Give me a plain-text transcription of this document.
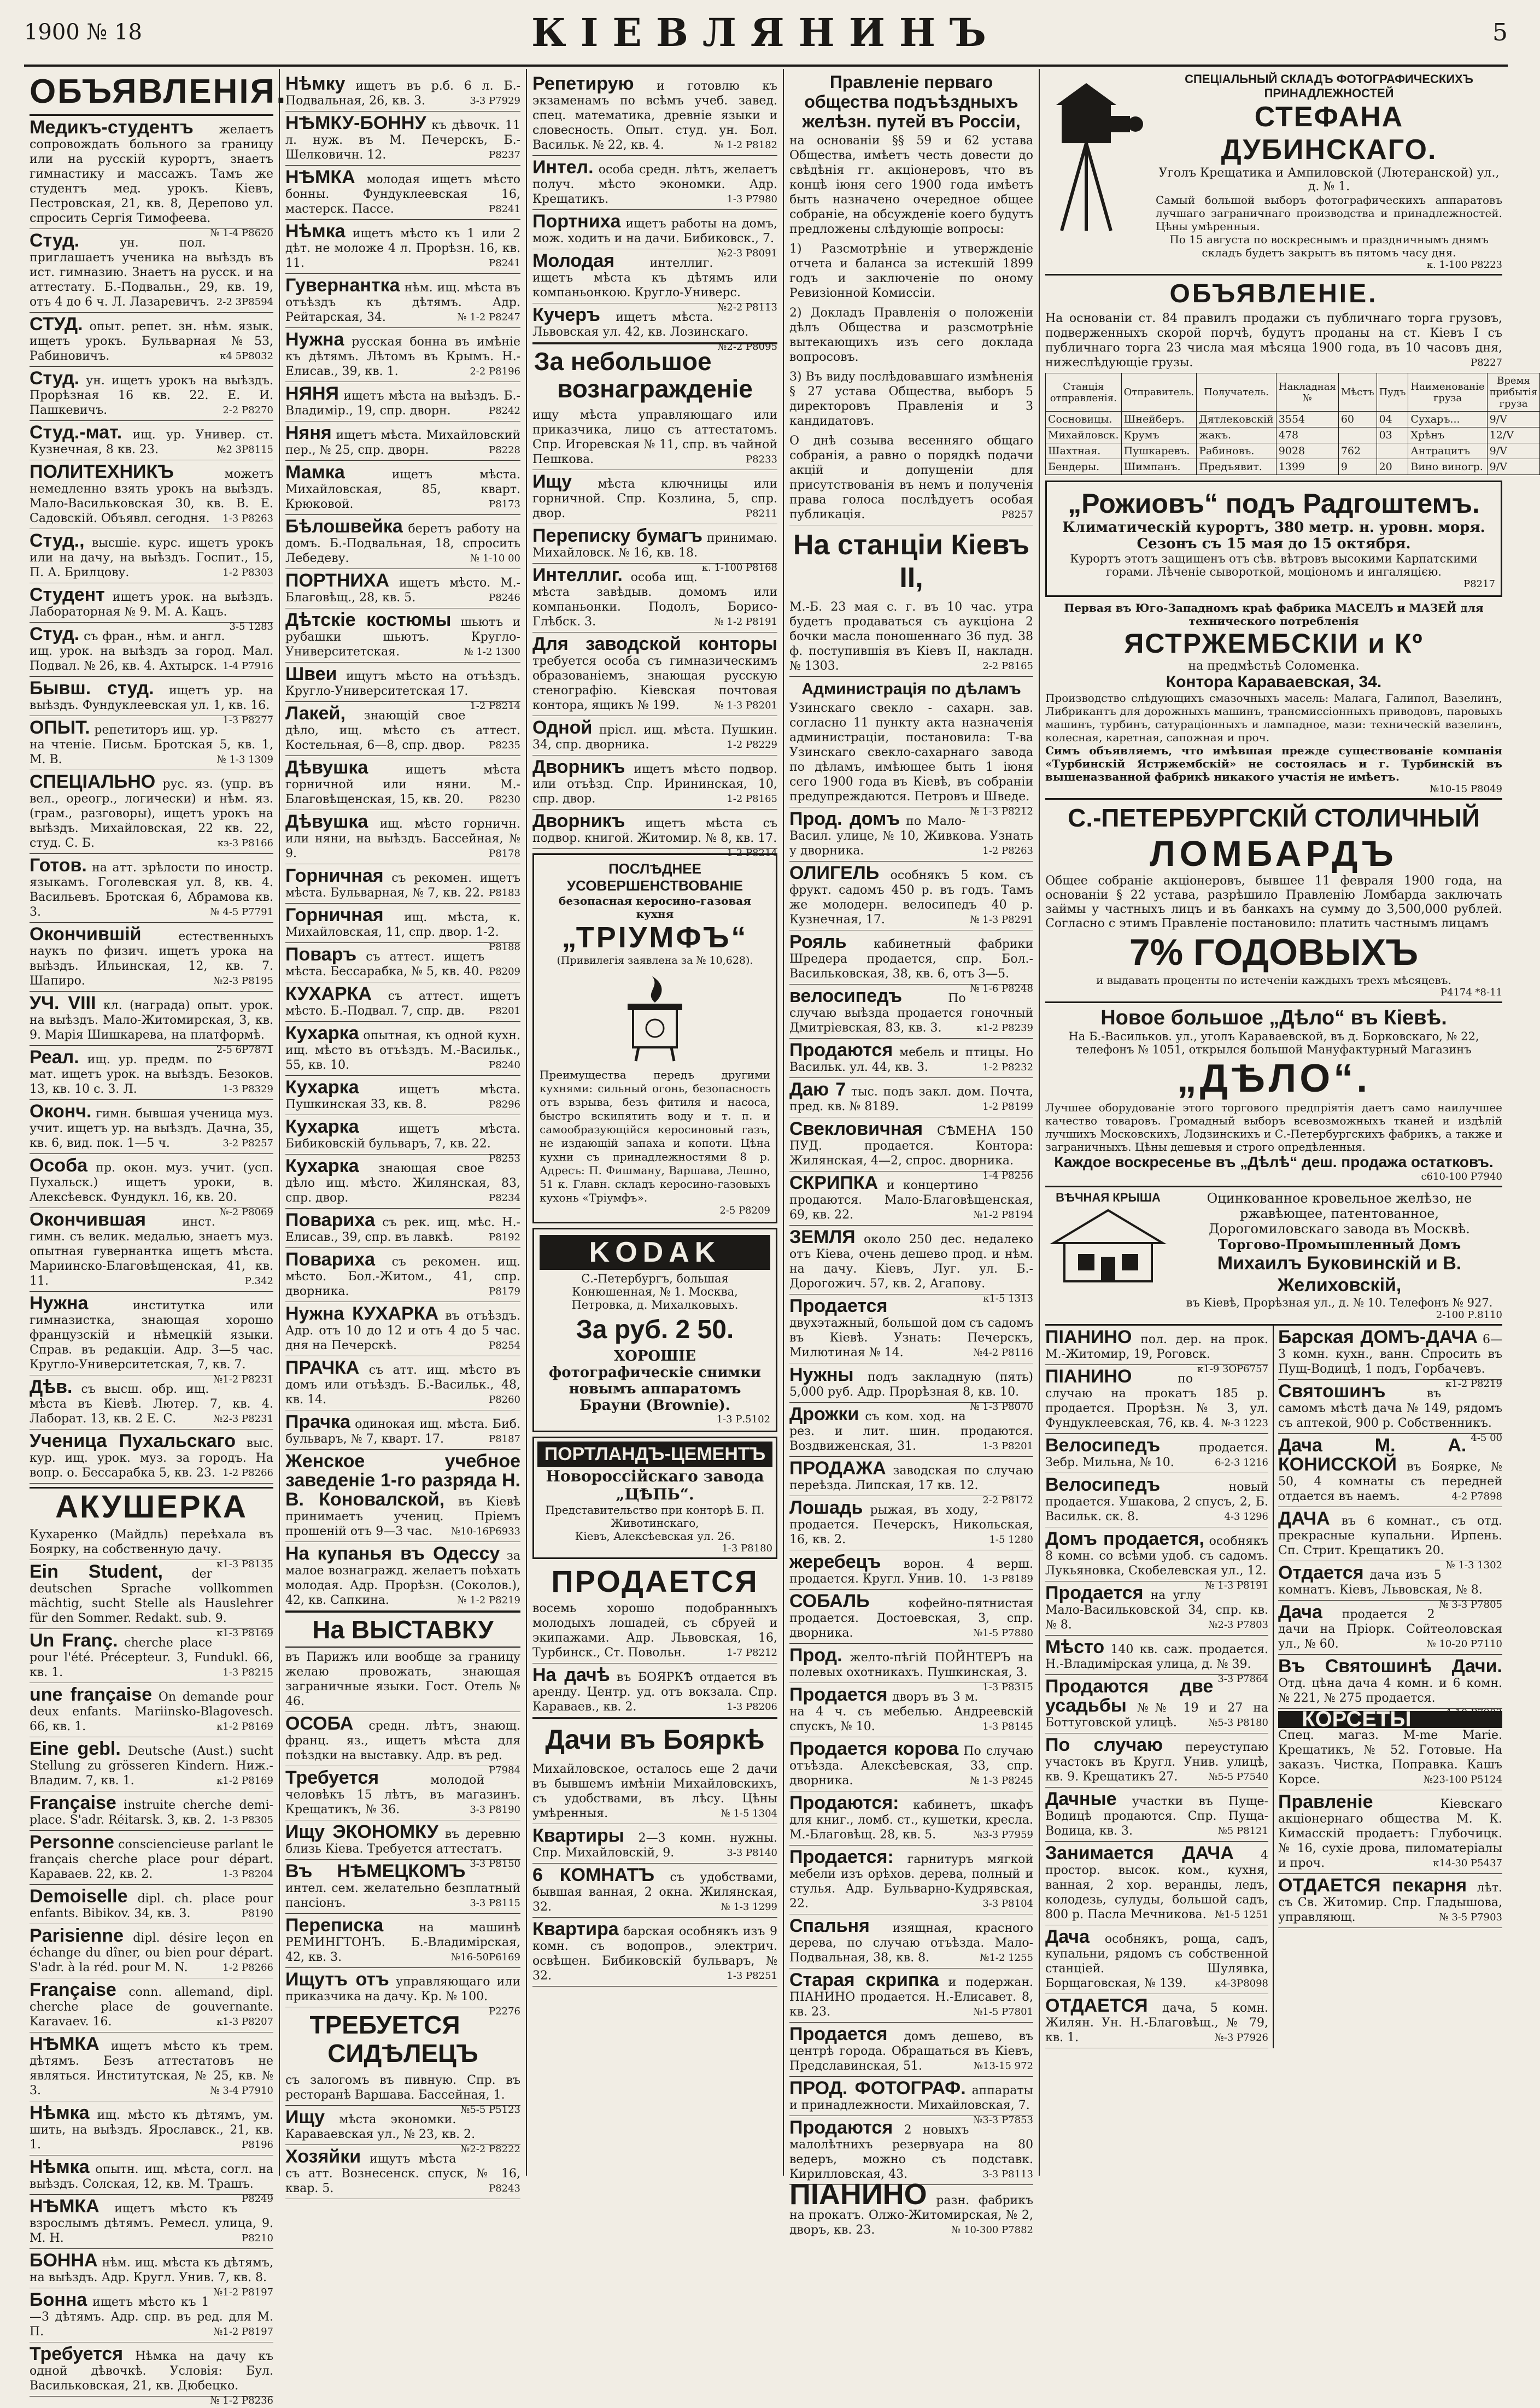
1900 № 18	КІЕВЛЯНИНЪ	5
ОБЪЯВЛЕНІЯ.
Медикъ-студентъ желаетъ сопровождать больного за границу или на русскій курортъ, знаетъ гимнастику и массажъ. Тамъ же студентъ мед. урокъ. Кіевъ, Пестровская, 21, кв. 8, Дерепово ул. спросить Сергія Тимофеева.
№ 1-4 Р8620
Студ.	ун. пол. приглашаетъ ученика на выѣздъ въ ист. гимназию. Знаетъ на русск. и на аттестату. Б.-Подвальн., 29, кв. 19, отъ 4 до 6 ч. Л. Лазаревичъ. 2-2 3Р8594
СТУД. опыт. репет. зн. нѣм. язык. ищетъ урокъ. Бульварная №53, Рабиновичъ.	к4 5Р8032
Студ. ун. ищетъ урокъ на выѣздъ. Прорѣзная 16 кв. 22. Е. И. Пашкевичъ.	2-2 Р8270
Студ.-мат. ищ. ур. Универ. ст. Кузнечная, 8 кв. 23.	№2 3Р8115
ПОЛИТЕХНИКЪ	можетъ немедленно взять урокъ на выѣздъ. Мало-Васильковская 30, кв. В. Е. Садовскій. Объявл. сегодня. 1-3 Р8263
Студ., высшіе. курс. ищетъ урокъ или на дачу, на выѣздъ. Госпит., 15, П. А. Брилцову.	1-2 Р8303
Студент ищетъ урок. на выѣздъ. Лабораторная № 9. М. А. Кацъ.
3-5 1283
Студ. съ фран., нѣм. и англ. ищ. урок. на выѣздъ за город. Мал. Подвал. № 26, кв. 4. Ахтырск. 1-4 Р7916
Бывш. студ. ищетъ ур. на выѣздъ. Фундуклеевская ул. 1, кв. 16.
1-3 Р8277
ОПЫТ. репетиторъ ищ. ур. на чтеніе. Письм. Бротская 5, кв. 1, М. В.	№ 1-3 1309
СПЕЦІАЛЬНО рус. яз. (упр. въ вел., ореогр., логически) и нѣм. яз. (грам., разговоры), ищетъ урокъ на выѣздъ. Михайловская, 22 кв. 22, студ. С. Б.	кз-3 Р8166
Готов. на атт. зрѣлости по иностр. языкамъ. Гоголевская ул. 8, кв. 4. Васильевъ. Бротская 6, Абрамова кв. 3.	№ 4-5 Р7791
Окончившій	естественныхъ наукъ по физич. ищетъ урока на выѣздъ. Ильинская, 12, кв. 7. Шапиро.	№2-3 Р8195
УЧ. VIII кл. (награда) опыт. урок. на выѣздъ. Мало-Житомирская, 3, кв. 9. Марія Шишкарева, на платформѣ.
2-5 6Р7871
Реал. ищ. ур. предм. по мат. ищетъ урок. на выѣздъ. Безоков. 13, кв. 10 с. 3. Л.	1-3 Р8329
Оконч. гимн. бывшая ученица муз. учит. ищетъ ур. на выѣздъ. Дачна, 35, кв. 6, вид. пок. 1—5 ч.	3-2 Р8257
Особа пр. окон. муз. учит. (усп. Пухальск.) ищетъ уроки, в. Алексѣевск. Фундукл. 16, кв. 20.
№-2 Р8069
Окончившая	инст. гимн. съ велик. медалью, знаетъ муз. опытная гувернантка ищетъ мѣста. Мариинско-Благовѣщенская, 41, кв. 11.	Р.342
Нужна	институтка или гимназистка, знающая хорошо французскій и нѣмецкій языки. Справ. въ редакціи. Адр. 3—5 час. Кругло-Университетская, 7, кв. 7.
№1-2 Р8231
Дѣв. съ высш. обр. ищ. мѣста въ Кіевѣ. Лютер. 7, кв. 4. Лаборат. 13, кв. 2 Е. С.	№2-3 Р8231
Ученица Пухальскаго выс. кур. ищ. урок. муз. за городъ. На вопр. о. Бессарабка 5, кв. 23. 1-2 Р8266
АКУШЕРКА
Кухаренко (Майдль) переѣхала въ Боярку, на собственную дачу.
к1-3 Р8135
Ein Student, der deutschen Sprache vollkommen mächtig, sucht Stelle als Hauslehrer für den Sommer. Redakt. sub. 9.
к1-3 Р8169
Un Franç. cherche place pour l'été. Précepteur. 3, Fundukl. 66, кв. 1.	1-3 Р8215
une française On demande pour deux enfants. Mariinsko-Blagovesch. 66, кв. 1.	к1-2 Р8169
Eine gebl. Deutsche (Aust.) sucht Stellung zu grösseren Kindern. Ниж.-Владим. 7, кв. 1.	к1-2 Р8169
Française instruite cherche demi-place. S'adr. Réitarsk. 3, кв. 2. 1-3 Р8305
Personne consciencieuse parlant le français cherche place pour départ. Караваев. 22, кв. 2.	1-3 Р8204
Demoiselle dipl. ch. place pour enfants. Bibikov. 34, кв. 3.	Р8190
Parisienne dipl. désire leçon en échange du dîner, ou bien pour départ. S'adr. à la réd. pour M. N.	1-2 Р8266
Française conn. allemand, dipl. cherche place de gouvernante. Karavaev. 16.	к1-3 Р8207
НѢМКА ищетъ мѣсто къ трем. дѣтямъ. Безъ аттестатовъ не являться. Институтская, № 25, кв. № 3.	№ 3-4 Р7910
Нѣмка ищ. мѣсто къ дѣтямъ, ум. шить, на выѣздъ. Ярославск., 21, кв. 1.	Р8196
Нѣмка опытн. ищ. мѣста, согл. на выѣздъ. Солская, 12, кв. М. Трашъ.
Р8249
НѢМКА ищетъ мѣсто къ взрослымъ дѣтямъ. Ремесл. улица, 9. М. Н.	Р8210
БОННА нѣм. ищ. мѣста къ дѣтямъ, на выѣздъ. Адр. Кругл. Унив. 7, кв. 8.
№1-2 Р8197
Бонна ищетъ мѣсто къ 1—3 дѣтямъ. Адр. спр. въ ред. для М. П.	№1-2 Р8197
Требуется Нѣмка на дачу къ одной дѣвочкѣ. Условія: Бул. Васильковская, 21, кв. Дюбецко.
№ 1-2 Р8236
Нѣмку ищетъ въ р.б. 6 л. Б.-Подвальная, 26, кв. 3.	3-3 Р7929
НѢМКУ-БОННУ къ дѣвочк. 11 л. нуж. въ М. Печерскъ, Б.-Шелковичн. 12.	Р8237
НѢМКА молодая ищетъ мѣсто бонны. Фундуклеевская 16, мастерск. Пассе.	Р8241
Нѣмка ищетъ мѣсто къ 1 или 2 дѣт. не моложе 4 л. Прорѣзн. 16, кв. 11.	Р8241
Гувернантка нѣм. ищ. мѣста въ отъѣздъ къ дѣтямъ. Адр. Рейтарская, 34.	№ 1-2 Р8247
Нужна русская бонна въ имѣніе къ дѣтямъ. Лѣтомъ въ Крымъ. Н.-Елисав., 39, кв. 1.	2-2 Р8196
НЯНЯ ищетъ мѣста на выѣздъ. Б.-Владимір., 19, спр. дворн.	Р8242
Няня ищетъ мѣста. Михайловский пер., № 25, спр. дворн.	Р8228
Мамка	ищетъ мѣста. Михайловская, 85, кварт. Крюковой.	Р8173
Бѣлошвейка беретъ работу на домъ. Б.-Подвальная, 18, спросить Лебедеву.	№ 1-10 00
ПОРТНИХА ищетъ мѣсто. М.-Благовѣщ., 28, кв. 5.	Р8246
Дѣтскіе костюмы шьютъ и рубашки шьютъ. Кругло-Университетская.	№ 1-2 1300
Швеи ищутъ мѣсто на отъѣздъ. Кругло-Университетская 17.
1-2 Р8214
Лакей, знающій свое дѣло, ищ. мѣсто съ аттест. Костельная, 6—8, спр. двор. Р8235
Дѣвушка	ищетъ мѣста горничной или няни. М.-Благовѣщенская, 15, кв. 20.	Р8230
Дѣвушка ищ. мѣсто горничн. или няни, на выѣздъ. Бассейная, № 9.	Р8178
Горничная съ рекомен. ищетъ мѣста. Бульварная, № 7, кв. 22. Р8183
Горничная ищ. мѣста, к. Михайловская, 11, спр. двор. 1-2.
Р8188
Поваръ съ аттест. ищетъ мѣста. Бессарабка, № 5, кв. 40. Р8209
КУХАРКА съ аттест. ищетъ мѣсто. Б.-Подвал. 7, спр. дв. Р8201
Кухарка опытная, къ одной кухн. ищ. мѣсто въ отъѣздъ. М.-Васильк., 55, кв. 10.	Р8240
Кухарка	ищетъ мѣста. Пушкинская 33, кв. 8.	Р8296
Кухарка	ищетъ мѣста. Бибиковскій бульваръ, 7, кв. 22.
Р8253
Кухарка знающая свое дѣло ищ. мѣсто. Жилянская, 83, спр. двор.	Р8234
Повариха съ рек. ищ. мѣс. Н.-Елисав., 39, спр. въ лавкѣ.	Р8192
Повариха съ рекомен. ищ. мѣсто. Бол.-Житом., 41, спр. дворника.	Р8179
Нужна КУХАРКА въ отъѣздъ. Адр. отъ 10 до 12 и отъ 4 до 5 час. дня на Печерскѣ.	Р8254
ПРАЧКА съ атт. ищ. мѣсто въ домъ или отъѣздъ. Б.-Васильк., 48, кв. 14.	Р8260
Прачка одинокая ищ. мѣста. Биб. бульваръ, № 7, кварт. 17.	Р8187
Женское учебное заведеніе 1-го разряда Н. В. Коновалской, въ Кіевѣ принимаетъ учениц. Пріемъ прошеній отъ 9—3 час. №10-16Р6933
На купанья въ Одессу за малое вознагражд. желаетъ поѣхать молодая. Адр. Прорѣзн. (Соколов.), 42, кв. Сапкина.	№ 1-2 Р8219
На ВЫСТАВКУ
въ Парижъ или вообще за границу желаю провожать, знающая заграничные языки. Гост. Отель № 46.
ОСОБА средн. лѣтъ, знающ. франц. яз., ищетъ мѣста для поѣздки на выставку. Адр. въ ред.
Р7984
Требуется	молодой человѣкъ 15 лѣтъ, въ магазинъ. Крещатикъ, № 36.	3-3 Р8190
Ищу ЭКОНОМКУ въ деревню близь Кіева. Требуется аттестатъ.
3-3 Р8150
Въ НѢМЕЦКОМЪ интел. сем. желательно безплатный пансіонъ.	3-3 Р8115
Переписка	на машинѣ РЕМИНГТОНЪ. Б.-Владимірская, 42, кв. 3.	№16-50Р6169
Ищутъ отъ управляющаго или приказчика на дачу. Кр. № 100.
Р2276
ТРЕБУЕТСЯ СИДѢЛЕЦЪ
съ залогомъ въ пивную. Спр. въ ресторанѣ Варшава. Бассейная, 1.
№5-5 Р5123
Ищу мѣста экономки. Караваевская ул., № 23, кв. 2.
№2-2 Р8222
Хозяйки ищутъ мѣста съ атт. Вознесенск. спуск, № 16, квар. 5.	Р8243
Репетирую и готовлю къ экзаменамъ по всѣмъ учеб. завед. спец. математика, древніе языки и словесность. Опыт. студ. ун. Бол. Васильк. № 22, кв. 4.	№ 1-2 Р8182
Интел. особа средн. лѣтъ, желаетъ получ. мѣсто экономки. Адр. Крещатикъ.	1-3 Р7980
Портниха ищетъ работы на домъ, мож. ходить и на дачи. Бибиковск., 7.
№2-3 Р8091
Молодая	интеллиг. ищетъ мѣста къ дѣтямъ или компаньонкою. Кругло-Универс.
№2-2 Р8113
Кучеръ ищетъ мѣста. Львовская ул. 42, кв. Лозинскаго.
№2-2 Р8095
За небольшое вознагражденіе
ищу мѣста управляющаго или приказчика, лицо съ аттестатомъ. Спр. Игоревская № 11, спр. въ чайной Пешкова.	Р8233
Ищу мѣста ключницы или горничной. Спр. Козлина, 5, спр. двор.	Р8211
Переписку бумагъ принимаю. Михайловск. № 16, кв. 18.
к. 1-100 Р8168
Интеллиг. особа ищ. мѣста завѣдыв. домомъ или компаньонки. Подолъ, Борисо-Глѣбск. 3.	№ 1-2 Р8191
Для заводской конторы требуется особа съ гимназическимъ образованіемъ, знающая русскую стенографію. Кіевская почтовая контора, ящикъ № 199.	№ 1-3 Р8201
Одной прісл. ищ. мѣста. Пушкин. 34, спр. дворника.	1-2 Р8229
Дворникъ ищетъ мѣсто подвор. или отъѣзд. Спр. Ирининская, 10, спр. двор.	1-2 Р8165
Дворникъ ищетъ мѣста съ подвор. книгой. Житомир. № 8, кв. 17.
1-2 Р8214
ПОСЛѢДНЕЕ УСОВЕРШЕНСТВОВАНІЕ
безопасная керосино-газовая кухня
„ТРІУМФЪ“
(Привилегія заявлена за № 10,628).
Преимущества передъ другими кухнями: сильный огонь, безопасность отъ взрыва, безъ фитиля и насоса, быстро вскипятить воду и т. п. и самообразующійся керосиновый газъ, не издающій запаха и копоти. Цѣна кухни съ принадлежностями 8 р. Адресъ: П. Фишману, Варшава, Лешно, 51 к. Главн. складъ керосино-газовыхъ кухонь «Тріумфъ».
2-5 Р8209
KODAK
С.-Петербургъ, большая Конюшенная, № 1. Москва, Петровка, д. Михалковыхъ.
За руб. 2 50.
ХОРОШІЕ фотографическіе снимки новымъ аппаратомъ Брауни (Brownie).
1-3 Р.5102
ПОРТЛАНДЪ-ЦЕМЕНТЪ
Новороссійскаго завода „ЦѢПЬ“.
Представительство при конторѣ Б. П. Животинскаго,
Кіевъ, Алексѣевская ул. 26.
1-3 Р8180
ПРОДАЕТСЯ
восемь хорошо подобранныхъ молодыхъ лошадей, съ сбруей и экипажами. Адр. Львовская, 16, Турбинск., Ст. Повольн.	1-7 Р8212
На дачѣ въ БОЯРКѢ отдается въ аренду. Центр. уд. отъ вокзала. Спр. Караваев., кв. 2.	1-3 Р8206
Дачи въ Бояркѣ
Михайловское, осталось еще 2 дачи въ бывшемъ имѣніи Михайловскихъ, съ удобствами, въ лѣсу. Цѣны умѣренныя.	№ 1-5 1304
Квартиры 2—3 комн. нужны. Спр. Михайловскій, 9.	3-3 Р8140
6 КОМНАТЪ съ удобствами, бывшая ванная, 2 окна. Жилянская, 32.	№ 1-3 1299
Квартира барская особнякъ изъ 9 комн. съ водопров., электрич. освѣщен. Бибиковскій бульваръ, № 32.	1-3 Р8251
Правленіе перваго общества подъѣздныхъ желѣзн. путей въ Россіи,
на основаніи §§ 59 и 62 устава Общества, имѣетъ честь довести до свѣдѣнія гг. акціонеровъ, что въ концѣ іюня сего 1900 года имѣетъ быть назначено очередное общее собраніе, на обсужденіе коего будутъ предложены слѣдующіе вопросы:
1) Разсмотрѣніе и утвержденіе отчета и баланса за истекшій 1899 годъ и заключеніе по оному Ревизіонной Комиссіи.
2) Докладъ Правленія о положеніи дѣлъ Общества и разсмотрѣніе вытекающихъ изъ сего доклада вопросовъ.
3) Въ виду послѣдовавшаго измѣненія § 27 устава Общества, выборъ 5 директоровъ Правленія и 3 кандидатовъ.
О днѣ созыва весенняго общаго собранія, а равно о порядкѣ подачи акцій и допущеніи для присутствованія въ немъ и полученія права голоса послѣдуетъ особая публикація.	Р8257
На станціи Кіевъ II,
М.-Б. 23 мая с. г. въ 10 час. утра будетъ продаваться съ аукціона 2 бочки масла поношеннаго 36 пуд. 38 ф. поступившія въ Кіевъ II, накладн. № 1303.	2-2 Р8165
Администрація по дѣламъ
Узинскаго свекло - сахарн. зав. согласно 11 пункту акта назначенія администраціи, постановила: Т-ва Узинскаго свекло-сахарнаго завода по дѣламъ, имѣющее быть 1 іюня сего 1900 года въ Кіевѣ, въ собраніи предупреждаются. Петровъ и Шведе.
№ 1-3 Р8212
Прод. домъ по Мало-Васил. улице, № 10, Живкова. Узнать у дворника.	1-2 Р8263
ОЛИГЕЛЬ особнякъ 5 ком. съ фрукт. садомъ 450 р. въ годъ. Тамъ же молодерн. велосипедъ 40 р. Кузнечная, 17.	№ 1-3 Р8291
Рояль кабинетный фабрики Шредера продается, спр. Бол.-Васильковская, 38, кв. 6, отъ 3—5.
№ 1-6 Р8248
велосипедъ	По случаю выѣзда продается гоночный Дмитріевская, 83, кв. 3.	к1-2 Р8239
Продаются мебель и птицы. Но Васильк. ул. 44, кв. 3.	1-2 Р8232
Даю 7 тыс. подъ закл. дом. Почта, пред. кв. № 8189.	1-2 Р8199
Свекловичная СѢМЕНА 150 ПУД. продается. Контора: Жилянская, 4—2, спрос. дворника.
1-4 Р8256
СКРИПКА и концертино продаются. Мало-Благовѣщенская, 69, кв. 22.	№1-2 Р8194
ЗЕМЛЯ около 250 дес. недалеко отъ Кіева, очень дешево прод. и нѣм. на дачу. Кіевъ, Луг. ул. Б.-Дорогожич. 57, кв. 2, Агапову.
к1-5 1313
Продается двухэтажный, большой дом съ садомъ въ Кіевѣ. Узнать: Печерскъ, Милютиная № 14.	№4-2 Р8116
Нужны подъ закладную (пять) 5,000 руб. Адр. Прорѣзная 8, кв. 10.
№ 1-3 Р8070
Дрожки съ ком. ход. на рез. и лит. шин. продаются. Воздвиженская, 31.	1-3 Р8201
ПРОДАЖА заводская по случаю переѣзда. Липская, 17 кв. 12.
2-2 Р8172
Лошадь рыжая, въ ходу, продается. Печерскъ, Никольская, 16, кв. 2.	1-5 1280
жеребецъ ворон. 4 верш. продается. Кругл. Унив. 10. 1-3 Р8189
СОБАЛЬ	кофейно-пятнистая продается. Достоевская, 3, спр. дворника.	№1-5 Р7880
Прод. желто-пѣгій ПОЙНТЕРЪ на полевых охотникахъ. Пушкинская, 3.
1-3 Р8315
Продается дворъ въ 3 м. на 4 ч. съ мебелью. Андреевскій спускъ, № 10.	1-3 Р8145
Продается корова По случаю отъѣзда. Алексѣевская, 33, спр. дворника.	№ 1-3 Р8245
Продаются: кабинетъ, шкафъ для книг., ломб. ст., кушетки, кресла. М.-Благовѣщ. 28, кв. 5.	№3-3 Р7959
Продается: гарнитуръ мягкой мебели изъ орѣхов. дерева, полный и стулья. Адр. Бульварно-Кудрявская, 22.	3-3 Р8104
Спальня изящная, красного дерева, по случаю отъѣзда. Мало-Подвальная, 38, кв. 8.	№1-2 1255
Старая скрипка и подержан. ПІАНИНО продается. Н.-Елисавет. 8, кв. 23.	№1-5 Р7801
Продается домъ дешево, въ центрѣ города. Обращаться въ Кіевъ, Предславинская, 51.	№13-15 972
ПРОД. ФОТОГРАФ. аппараты и принадлежности. Михайловская, 7.
№3-3 Р7853
Продаются 2 новыхъ малолѣтнихъ резервуара на 80 ведеръ, можно съ подставк. Кирилловская, 43.	3-3 Р8113
ПІАНИНО разн. фабрикъ на прокатъ. Олжо-Житомирская, № 2, дворъ, кв. 23.	№ 10-300 Р7882
СПЕЦІАЛЬНЫЙ СКЛАДЪ ФОТОГРАФИЧЕСКИХЪ ПРИНАДЛЕЖНОСТЕЙ
СТЕФАНА ДУБИНСКАГО.
Уголъ Крещатика и Ампиловской (Лютеранской) ул., д. № 1.
Самый большой выборъ фотографическихъ аппаратовъ лучшаго заграничнаго производства и принадлежностей. Цѣны умѣренныя.
По 15 августа по воскреснымъ и праздничнымъ днямъ складъ будетъ закрытъ въ пятомъ часу дня.
к. 1-100 Р8223
ОБЪЯВЛЕНІЕ.
На основаніи ст. 84 правилъ продажи съ публичнаго торга грузовъ, подверженныхъ скорой порчѣ, будутъ проданы на ст. Кіевъ I съ публичнаго торга 23 числа мая мѣсяца 1900 года, въ 10 часовъ дня, нижеслѣдующіе грузы.	Р8227
Станція отправленія.	Отправитель.	Получатель.	Накладная №	Мѣстъ	Пудъ	Наименованіе груза	Время прибытія груза
Сосновицы.	Шнейберъ.	Дятлековскій	3554	60	04	Сухаръ...	9/V
Михайловск.	Крумъ	жакъ.	478		03	Хрѣнъ	12/V
Шахтная.	Пушкаревъ.	Рабиновъ.	9028	762		Антрацитъ	9/V
Бендеры.	Шимпанъ.	Предъявит.	1399	9	20	Вино виногр.	9/V
„Рожиовъ“ подъ Радгоштемъ.
Климатическій курортъ, 380 метр. н. уровн. моря. Сезонъ съ 15 мая до 15 октября.
Курортъ этотъ защищенъ отъ сѣв. вѣтровъ высокими Карпатскими горами. Лѣченіе сывороткой, моціономъ и ингаляцією.
Р8217
Первая въ Юго-Западномъ краѣ фабрика МАСЕЛЪ и МАЗЕЙ для технического потребленія
ЯСТРЖЕМБСКІИ и Кº
на предмѣстьѣ Соломенка.
Контора Караваевская, 34.
Производство слѣдующихъ смазочныхъ масель: Малага, Галипол, Вазелинъ, Либрикантъ для дорожныхъ машинъ, трансмиссіонныхъ приводовъ, паровыхъ машинъ, турбинъ, сатураціонныхъ и лампадное, мази: техническій вазелинъ, колесная, каретная, сапожная и проч.
Симъ объявляемъ, что имѣвшая прежде существованіе компанія «Турбинскій Ястржембскій» не состоялась и г. Турбинскій въ вышеназванной фабрикѣ никакого участія не имѣетъ.
№10-15 Р8049
С.-ПЕТЕРБУРГСКІЙ СТОЛИЧНЫЙ
ЛОМБАРДЪ
Общее собраніе акціонеровъ, бывшее 11 февраля 1900 года, на основаніи § 22 устава, разрѣшило Правленію Ломбарда заключать займы у частныхъ лицъ и въ банкахъ на сумму до 3,500,000 рублей. Согласно с этимъ Правленіе постановило: платить частнымъ лицамъ
7% ГОДОВЫХЪ
и выдавать проценты по истеченіи каждыхъ трехъ мѣсяцевъ.
Р4174 *8-11
Новое большое „Дѣло“ въ Кіевѣ.
На Б.-Васильков. ул., уголъ Караваевской, въ д. Борковскаго, № 22, телефонъ № 1051, открылся большой Мануфактурный Магазинъ
„ДѢЛО“.
Лучшее оборудованіе этого торгового предпріятія даетъ само наилучшее качество товаровъ. Громадный выборъ всевозможныхъ тканей и издѣлій лучшихъ Московскихъ, Лодзинскихъ и С.-Петербургскихъ фабрикъ, а также и заграничныхъ. Цѣны дешевыя и строго опредѣленныя.
Каждое воскресенье въ „Дѣлѣ“ деш. продажа остатковъ.
с610-100 Р7940
ВѢЧНАЯ КРЫША	Оцинкованное кровельное желѣзо, не ржавѣющее, патентованное, Дорогомиловскаго завода въ Москвѣ.
Торгово-Промышленный Домъ
Михаилъ Буковинскій и В. Желиховскій,
въ Кіевѣ, Прорѣзная ул., д. № 10. Телефонъ № 927.
2-100 Р.8110
ПІАНИНО пол. дер. на прок. М.-Житомир, 19, Роговск.
к1-9 ЗОР6757
ПІАНИНО	по случаю на прокатъ 185 р. продается. Прорѣзн. № 3, ул. Фундуклеевская, 76, кв. 4. №-3 1223
Велосипедъ	продается. Зебр. Мильна, № 10.	6-2-3 1216
Велосипедъ	новый продается. Ушакова, 2 спусъ, 2, Б. Васильк. ск. 8.	4-3 1296
Домъ продается, особнякъ 8 комн. со всѣми удоб. съ садомъ. Лукьяновка, Скобелевская ул., 12.
№ 1-3 Р8191
Продается на углу Мало-Васильковской 34, спр. кв. № 8.	№2-3 Р7803
Мѣсто 140 кв. саж. продается. Н.-Владимірская улица, д. № 39.
3-3 Р7864
Продаются две усадьбы №№ 19 и 27 на Боттуговской улицѣ.	№5-3 Р8180
По случаю переуступаю участокъ въ Кругл. Унив. улицѣ, кв. 9. Крещатикъ 27.	№5-5 Р7540
Дачные участки въ Пуще-Водицѣ продаются. Спр. Пуща-Водица, кв. 3.	№5 Р8121
Занимается ДАЧА 4 простор. высок. ком., кухня, ванная, 2 хор. веранды, ледъ, колодезь, сулуды, большой садъ, 800 р. Пасла Мечникова. №1-5 1251
Дача особнякъ, роща, садъ, купальни, рядомъ съ собственной станціей. Шулявка, Борщаговская, № 139.	к4-3Р8098
ОТДАЕТСЯ дача, 5 комн. Жилян. Ун. Н.-Благовѣщ., № 79, кв. 1.	№-3 Р7926
Барская ДОМЪ-ДАЧА 6—3 комн. кухн., ванн. Спросить въ Пущ-Водицѣ, 1 подъ, Горбачевъ.
к1-2 Р8219
Святошинъ	въ самомъ мѣстѣ дача № 149, рядомъ съ аптекой, 900 р. Собственникъ.
4-5 00
Дача М. А. КОНИССКОЙ въ Боярке, № 50, 4 комнаты съ передней отдается въ наемъ.	4-2 Р7898
ДАЧА въ 6 комнат., съ отд. прекрасные купальни. Ирпень. Сп. Стрит. Крещатикъ 20.
№ 1-3 1302
Отдается дача изъ 5 комнатъ. Кіевъ, Львовская, № 8.
№ 3-3 Р7805
Дача продается 2 дачи на Пріорк. Сойтеоловская ул., № 60.	№ 10-20 Р7110
Въ Святошинѣ Дачи. Отд. цѣна дача 4 комн. и 6 комн. № 221, № 275 продается.
к4-10 Р7902
КОРСЕТЫ
Спец. магаз. M-me Marie. Крещатикъ, № 52. Готовые. На заказъ. Чистка, Поправка. Кашъ Корсе.	№23-100 Р5124
Правленіе	Кіевскаго акціонернаго общества М. К. Кимасскій продаетъ: Глубочицк. № 16, сухіе дрова, пиломатеріалы и проч.	к14-30 Р5437
ОТДАЕТСЯ пекарня лѣт. съ Св. Житомир. Спр. Гладышова, управляющ.	№ 3-5 Р7903
